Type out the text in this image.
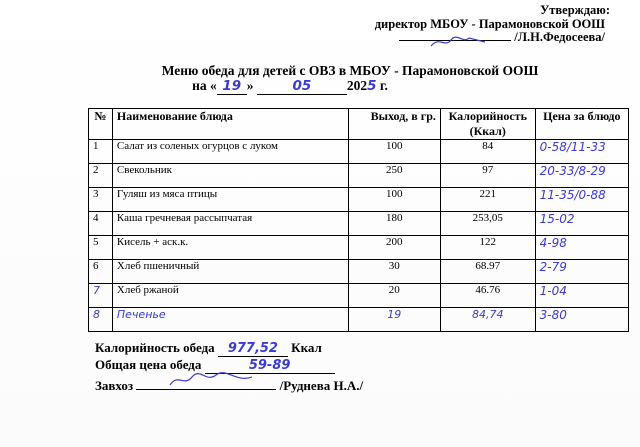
Утверждаю:
директор МБОУ - Парамоновской ООШ
/Л.Н.Федосеева/
Меню обеда для детей с ОВЗ в МБОУ - Парамоновской ООШ
на « 19 »	05	2025 г.
№	Наименование блюда	Выход, в гр.	Калорийность (Ккал)	Цена за блюдо
1	Салат из соленых огурцов с луком	100	84	0-58/11-33
2	Свекольник	250	97	20-33/8-29
3	Гуляш из мяса птицы	100	221	11-35/0-88
4	Каша гречневая рассыпчатая	180	253,05	15-02
5	Кисель + аск.к.	200	122	4-98
6	Хлеб пшеничный	30	68.97	2-79
7	Хлеб ржаной	20	46.76	1-04
8	Печенье	19	84,74	3-80
Калорийность обеда 977,52 Ккал
Общая цена обеда	59-89
Завхоз	/Руднева Н.А./
